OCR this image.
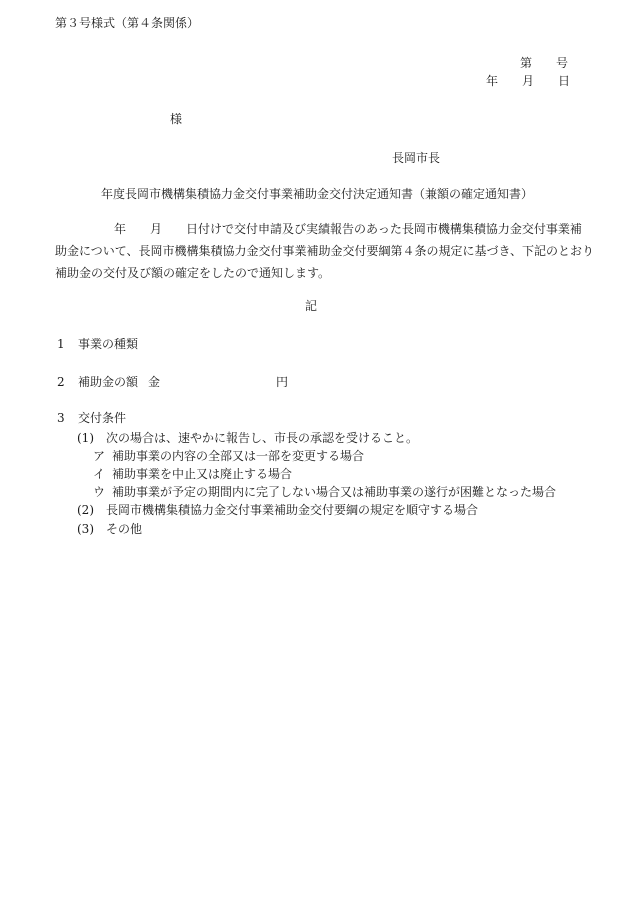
第３号様式（第４条関係）
第　　号
年　　月　　日
様
長岡市長
年度長岡市機構集積協力金交付事業補助金交付決定通知書（兼額の確定通知書）
年　　月　　日付けで交付申請及び実績報告のあった長岡市機構集積協力金交付事業補
助金について、長岡市機構集積協力金交付事業補助金交付要綱第４条の規定に基づき、下記のとおり
補助金の交付及び額の確定をしたので通知します。
記
1 事業の種類
2 補助金の額 金	円
3 交付条件
(1) 次の場合は、速やかに報告し、市長の承認を受けること。
ア 補助事業の内容の全部又は一部を変更する場合
イ 補助事業を中止又は廃止する場合
ウ 補助事業が予定の期間内に完了しない場合又は補助事業の遂行が困難となった場合
(2) 長岡市機構集積協力金交付事業補助金交付要綱の規定を順守する場合
(3) その他
